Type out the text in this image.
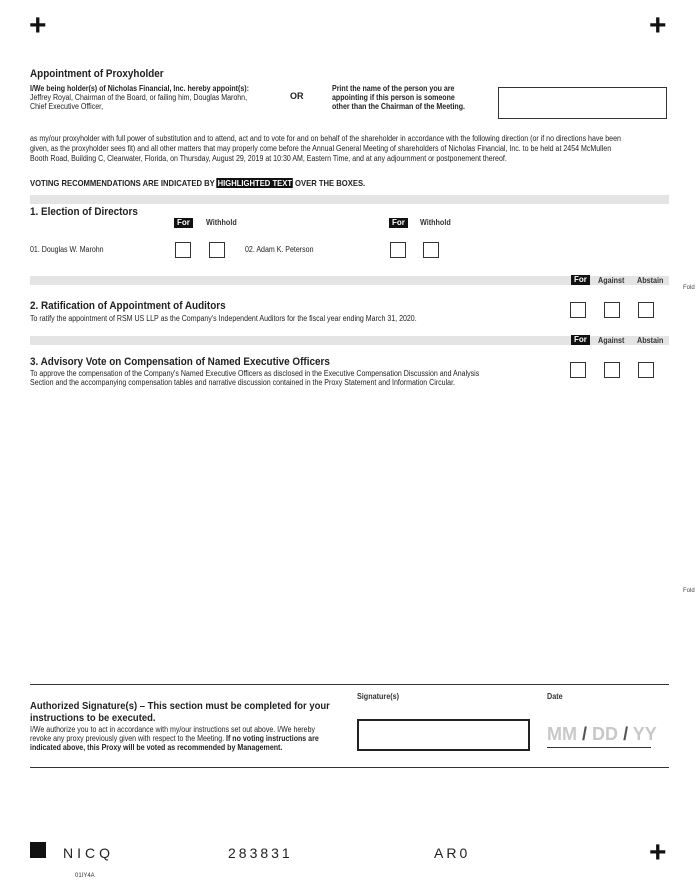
+	+
Appointment of Proxyholder
I/We being holder(s) of Nicholas Financial, Inc. hereby appoint(s):
Jeffrey Royal, Chairman of the Board, or failing him, Douglas Marohn,
Chief Executive Officer,
OR
Print the name of the person you are
appointing if this person is someone
other than the Chairman of the Meeting.
as my/our proxyholder with full power of substitution and to attend, act and to vote for and on behalf of the shareholder in accordance with the following direction (or if no directions have been
given, as the proxyholder sees fit) and all other matters that may properly come before the Annual General Meeting of shareholders of Nicholas Financial, Inc. to be held at 2454 McMullen
Booth Road, Building C, Clearwater, Florida, on Thursday, August 29, 2019 at 10:30 AM, Eastern Time, and at any adjournment or postponement thereof.
VOTING RECOMMENDATIONS ARE INDICATED BY HIGHLIGHTED TEXT OVER THE BOXES.
1. Election of Directors
For	Withhold	For	Withhold
01. Douglas W. Marohn	02. Adam K. Peterson
For	Against Abstain
Fold
2. Ratification of Appointment of Auditors
To ratify the appointment of RSM US LLP as the Company's Independent Auditors for the fiscal year ending March 31, 2020.
For	Against Abstain
3. Advisory Vote on Compensation of Named Executive Officers
To approve the compensation of the Company's Named Executive Officers as disclosed in the Executive Compensation Discussion and Analysis
Section and the accompanying compensation tables and narrative discussion contained in the Proxy Statement and Information Circular.
Fold
Authorized Signature(s) – This section must be completed for your
instructions to be executed.
I/We authorize you to act in accordance with my/our instructions set out above. I/We hereby
revoke any proxy previously given with respect to the Meeting. If no voting instructions are
indicated above, this Proxy will be voted as recommended by Management.
Signature(s)	Date
MM / DD / YY
NICQ	283831	AR0	+
01IY4A
